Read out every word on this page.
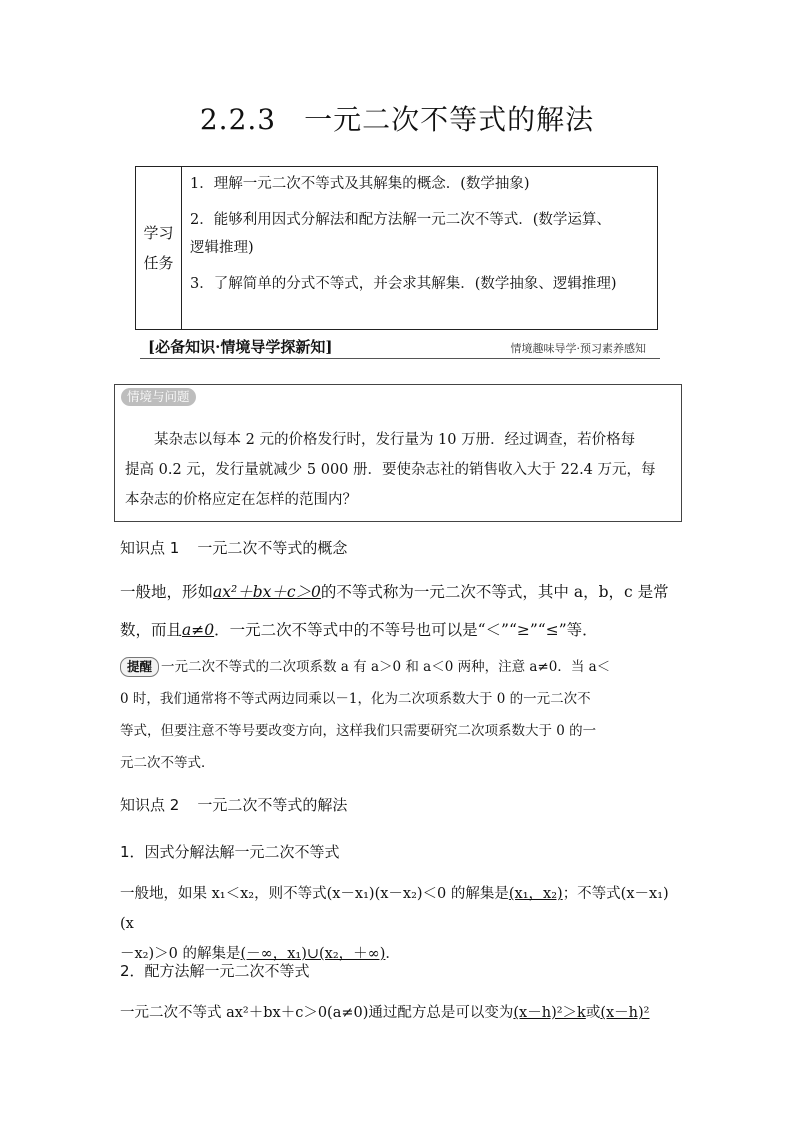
2.2.3 一元二次不等式的解法
学习
任务

1．理解一元二次不等式及其解集的概念．(数学抽象)

2．能够利用因式分解法和配方法解一元二次不等式．(数学运算、

逻辑推理)

3．了解简单的分式不等式，并会求其解集．(数学抽象、逻辑推理)

[必备知识·情境导学探新知]	情境趣味导学·预习素养感知
情境与问题
某杂志以每本 2 元的价格发行时，发行量为 10 万册．经过调查，若价格每
提高 0.2 元，发行量就减少 5 000 册．要使杂志社的销售收入大于 22.4 万元，每
本杂志的价格应定在怎样的范围内？
知识点 1 一元二次不等式的概念
一般地，形如ax²＋bx＋c＞0的不等式称为一元二次不等式，其中 a，b，c 是常
数，而且a≠0．一元二次不等式中的不等号也可以是“＜”“≥”“≤”等．
提醒 一元二次不等式的二次项系数 a 有 a＞0 和 a＜0 两种，注意 a≠0．当 a＜
0 时，我们通常将不等式两边同乘以－1，化为二次项系数大于 0 的一元二次不
等式，但要注意不等号要改变方向，这样我们只需要研究二次项系数大于 0 的一
元二次不等式．
知识点 2 一元二次不等式的解法
1．因式分解法解一元二次不等式
一般地，如果 x₁＜x₂，则不等式(x－x₁)(x－x₂)＜0 的解集是(x₁，x₂)；不等式(x－x₁)(x
－x₂)＞0 的解集是(－∞，x₁)∪(x₂，＋∞)．
2．配方法解一元二次不等式
一元二次不等式 ax²＋bx＋c＞0(a≠0)通过配方总是可以变为(x－h)²＞k或(x－h)²
